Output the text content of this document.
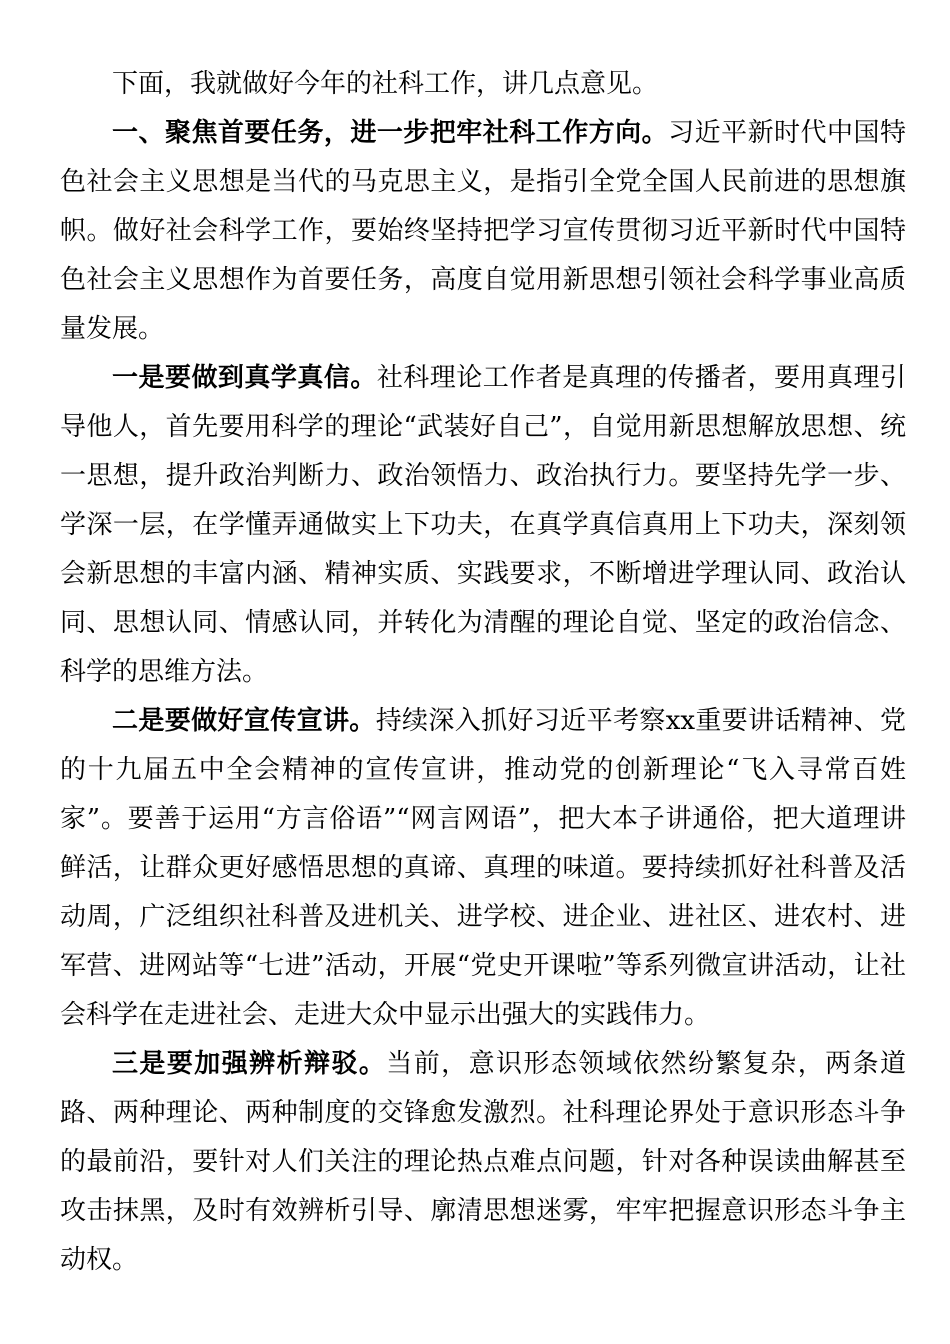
下面，我就做好今年的社科工作，讲几点意见。

一、聚焦首要任务，进一步把牢社科工作方向。习近平新时代中国特色社会主义思想是当代的马克思主义，是指引全党全国人民前进的思想旗帜。做好社会科学工作，要始终坚持把学习宣传贯彻习近平新时代中国特色社会主义思想作为首要任务，高度自觉用新思想引领社会科学事业高质量发展。

一是要做到真学真信。社科理论工作者是真理的传播者，要用真理引导他人，首先要用科学的理论“武装好自己”，自觉用新思想解放思想、统一思想，提升政治判断力、政治领悟力、政治执行力。要坚持先学一步、学深一层，在学懂弄通做实上下功夫，在真学真信真用上下功夫，深刻领会新思想的丰富内涵、精神实质、实践要求，不断增进学理认同、政治认同、思想认同、情感认同，并转化为清醒的理论自觉、坚定的政治信念、科学的思维方法。

二是要做好宣传宣讲。持续深入抓好习近平考察xx重要讲话精神、党的十九届五中全会精神的宣传宣讲，推动党的创新理论“飞入寻常百姓家”。要善于运用“方言俗语”“网言网语”，把大本子讲通俗，把大道理讲鲜活，让群众更好感悟思想的真谛、真理的味道。要持续抓好社科普及活动周，广泛组织社科普及进机关、进学校、进企业、进社区、进农村、进军营、进网站等“七进”活动，开展“党史开课啦”等系列微宣讲活动，让社会科学在走进社会、走进大众中显示出强大的实践伟力。

三是要加强辨析辩驳。当前，意识形态领域依然纷繁复杂，两条道路、两种理论、两种制度的交锋愈发激烈。社科理论界处于意识形态斗争的最前沿，要针对人们关注的理论热点难点问题，针对各种误读曲解甚至攻击抹黑，及时有效辨析引导、廓清思想迷雾，牢牢把握意识形态斗争主动权。
